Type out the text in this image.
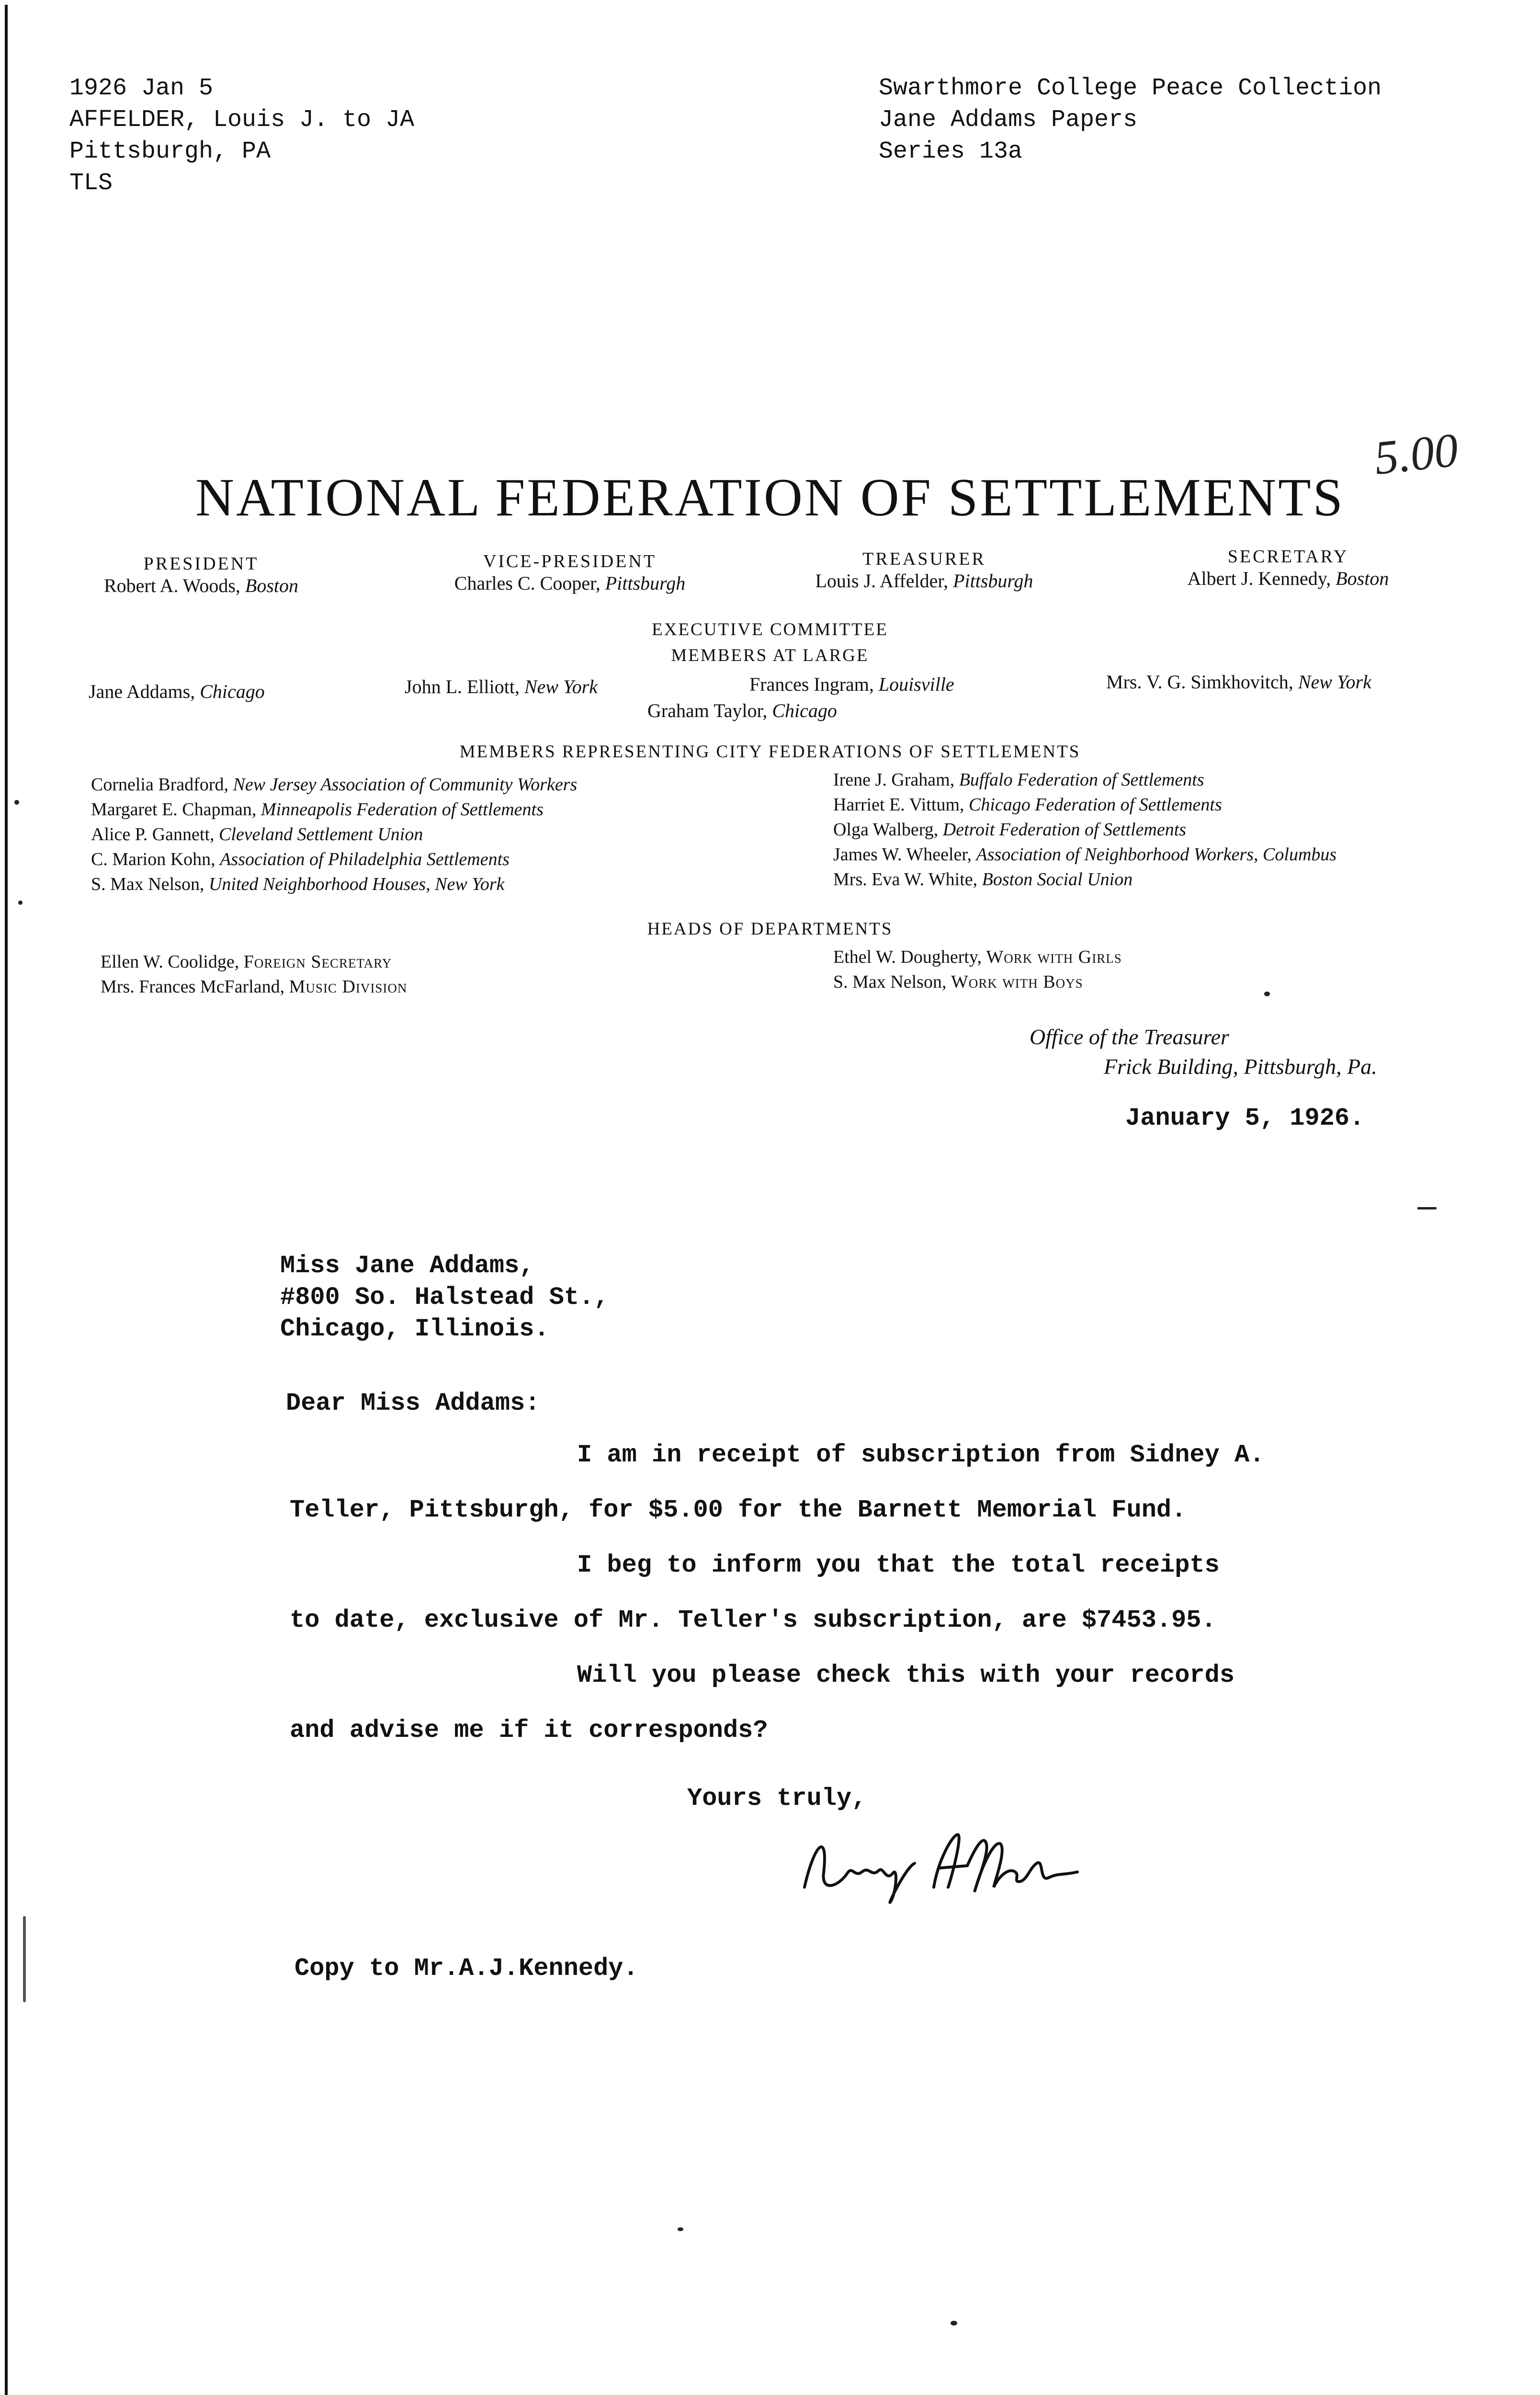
1926 Jan 5
AFFELDER, Louis J. to JA
Pittsburgh, PA
TLS
Swarthmore College Peace Collection
Jane Addams Papers
Series 13a
5.00
NATIONAL FEDERATION OF SETTLEMENTS
PRESIDENT
Robert A. Woods, Boston
VICE-PRESIDENT
Charles C. Cooper, Pittsburgh
TREASURER
Louis J. Affelder, Pittsburgh
SECRETARY
Albert J. Kennedy, Boston
EXECUTIVE COMMITTEE
MEMBERS AT LARGE
Jane Addams, Chicago	John L. Elliott, New York	Frances Ingram, Louisville
Graham Taylor, Chicago
Mrs. V. G. Simkhovitch, New York
MEMBERS REPRESENTING CITY FEDERATIONS OF SETTLEMENTS
Cornelia Bradford, New Jersey Association of Community Workers
Margaret E. Chapman, Minneapolis Federation of Settlements
Alice P. Gannett, Cleveland Settlement Union
C. Marion Kohn, Association of Philadelphia Settlements
S. Max Nelson, United Neighborhood Houses, New York
Irene J. Graham, Buffalo Federation of Settlements
Harriet E. Vittum, Chicago Federation of Settlements
Olga Walberg, Detroit Federation of Settlements
James W. Wheeler, Association of Neighborhood Workers, Columbus
Mrs. Eva W. White, Boston Social Union
HEADS OF DEPARTMENTS
Ellen W. Coolidge, Foreign Secretary
Mrs. Frances McFarland, Music Division
Ethel W. Dougherty, Work with Girls
S. Max Nelson, Work with Boys
Office of the Treasurer
Frick Building, Pittsburgh, Pa.
January 5, 1926.
Miss Jane Addams,
#800 So. Halstead St.,
Chicago, Illinois.
Dear Miss Addams:
I am in receipt of subscription from Sidney A.
Teller, Pittsburgh, for $5.00 for the Barnett Memorial Fund.
I beg to inform you that the total receipts
to date, exclusive of Mr. Teller's subscription, are $7453.95.
Will you please check this with your records
and advise me if it corresponds?
Yours truly,
Copy to Mr.A.J.Kennedy.
